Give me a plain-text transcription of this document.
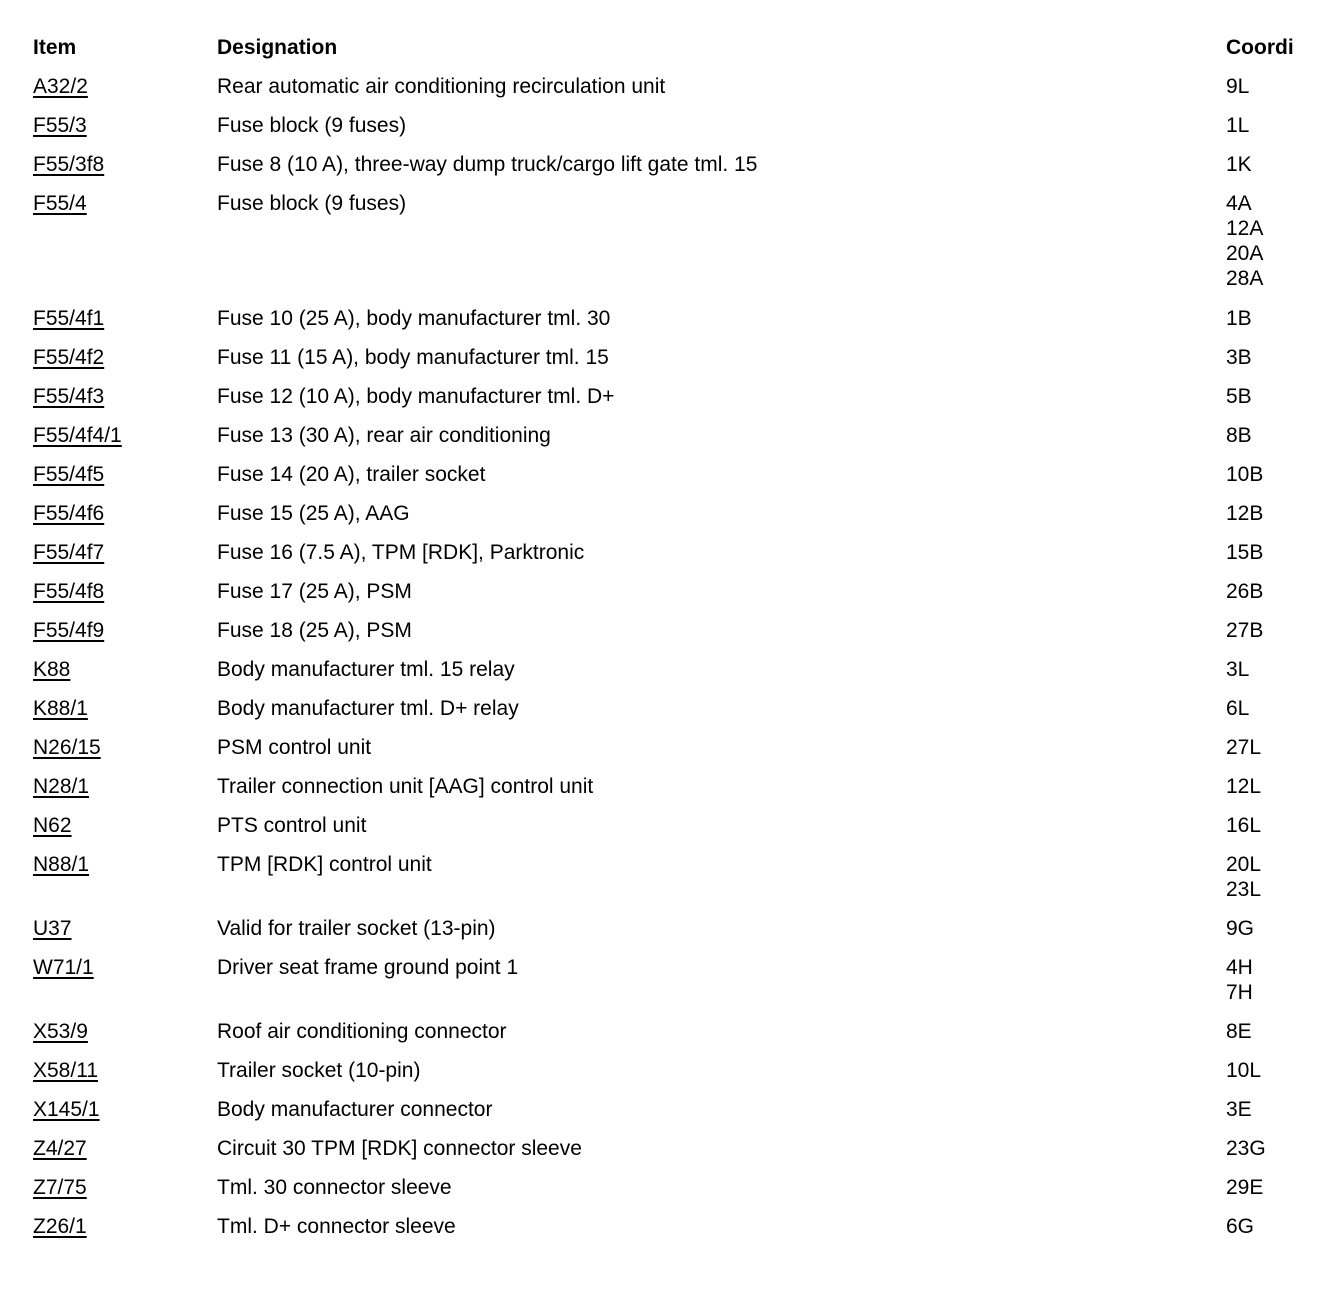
Item	Designation	Coordi
A32/2	Rear automatic air conditioning recirculation unit	9L
F55/3	Fuse block (9 fuses)	1L
F55/3f8	Fuse 8 (10 A), three-way dump truck/cargo lift gate tml. 15	1K
F55/4	Fuse block (9 fuses)	4A
12A
20A
28A
F55/4f1	Fuse 10 (25 A), body manufacturer tml. 30	1B
F55/4f2	Fuse 11 (15 A), body manufacturer tml. 15	3B
F55/4f3	Fuse 12 (10 A), body manufacturer tml. D+	5B
F55/4f4/1	Fuse 13 (30 A), rear air conditioning	8B
F55/4f5	Fuse 14 (20 A), trailer socket	10B
F55/4f6	Fuse 15 (25 A), AAG	12B
F55/4f7	Fuse 16 (7.5 A), TPM [RDK], Parktronic	15B
F55/4f8	Fuse 17 (25 A), PSM	26B
F55/4f9	Fuse 18 (25 A), PSM	27B
K88	Body manufacturer tml. 15 relay	3L
K88/1	Body manufacturer tml. D+ relay	6L
N26/15	PSM control unit	27L
N28/1	Trailer connection unit [AAG] control unit	12L
N62	PTS control unit	16L
N88/1	TPM [RDK] control unit	20L
23L
U37	Valid for trailer socket (13-pin)	9G
W71/1	Driver seat frame ground point 1	4H
7H
X53/9	Roof air conditioning connector	8E
X58/11	Trailer socket (10-pin)	10L
X145/1	Body manufacturer connector	3E
Z4/27	Circuit 30 TPM [RDK] connector sleeve	23G
Z7/75	Tml. 30 connector sleeve	29E
Z26/1	Tml. D+ connector sleeve	6G
